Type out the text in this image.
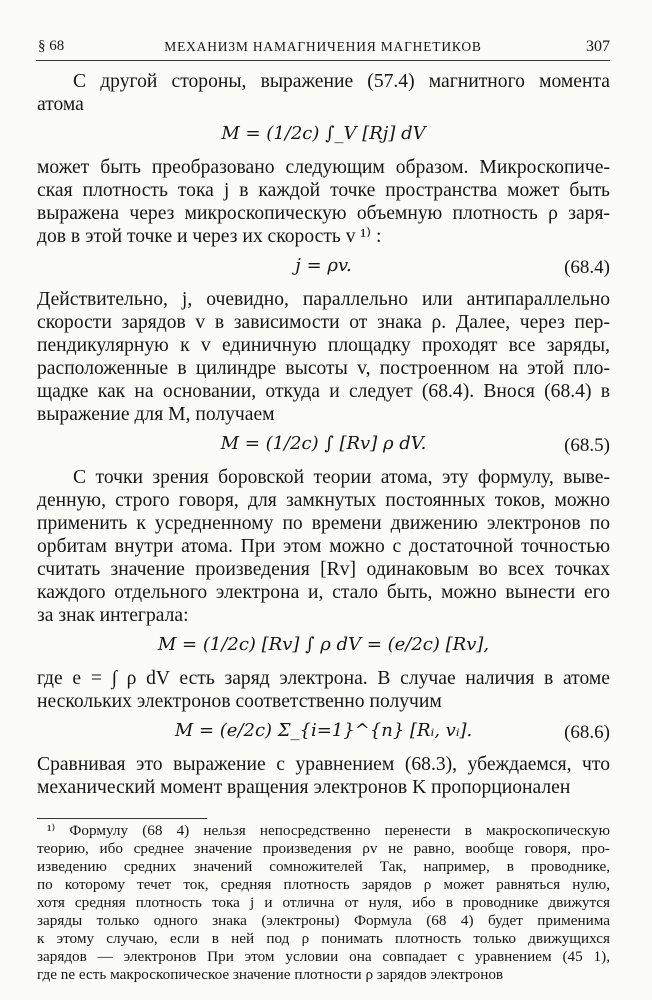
§ 68	МЕХАНИЗМ НАМАГНИЧЕНИЯ МАГНЕТИКОВ	307
С другой стороны, выражение (57.4) магнитного момента
атома
M = (1/2c) ∫_V [Rj] dV
может быть преобразовано следующим образом. Микроскопиче-
ская плотность тока j в каждой точке пространства может быть
выражена через микроскопическую объемную плотность ρ заря-
дов в этой точке и через их скорость v ¹⁾ :
j = ρv.	(68.4)
Действительно, j, очевидно, параллельно или антипараллельно
скорости зарядов v в зависимости от знака ρ. Далее, через пер-
пендикулярную к v единичную площадку проходят все заряды,
расположенные в цилиндре высоты v, построенном на этой пло-
щадке как на основании, откуда и следует (68.4). Внося (68.4) в
выражение для M, получаем
M = (1/2c) ∫ [Rv] ρ dV.	(68.5)
С точки зрения боровской теории атома, эту формулу, выве-
денную, строго говоря, для замкнутых постоянных токов, можно
применить к усредненному по времени движению электронов по
орбитам внутри атома. При этом можно с достаточной точностью
считать значение произведения [Rv] одинаковым во всех точках
каждого отдельного электрона и, стало быть, можно вынести его
за знак интеграла:
M = (1/2c) [Rv] ∫ ρ dV = (e/2c) [Rv],
где e = ∫ ρ dV есть заряд электрона. В случае наличия в атоме
нескольких электронов соответственно получим
M = (e/2c) Σ_{i=1}^{n} [Rᵢ, vᵢ].	(68.6)
Сравнивая это выражение с уравнением (68.3), убеждаемся, что
механический момент вращения электронов K пропорционален
¹⁾ Формулу (68 4) нельзя непосредственно перенести в макроскопическую
теорию, ибо среднее значение произведения ρv не равно, вообще говоря, про-
изведению средних значений сомножителей Так, например, в проводнике,
по которому течет ток, средняя плотность зарядов ρ может равняться нулю,
хотя средняя плотность тока j и отлична от нуля, ибо в проводнике движутся
заряды только одного знака (электроны) Формула (68 4) будет применима
к этому случаю, если в ней под ρ понимать плотность только движущихся
зарядов — электронов При этом условии она совпадает с уравнением (45 1),
где ne есть макроскопическое значение плотности ρ зарядов электронов
